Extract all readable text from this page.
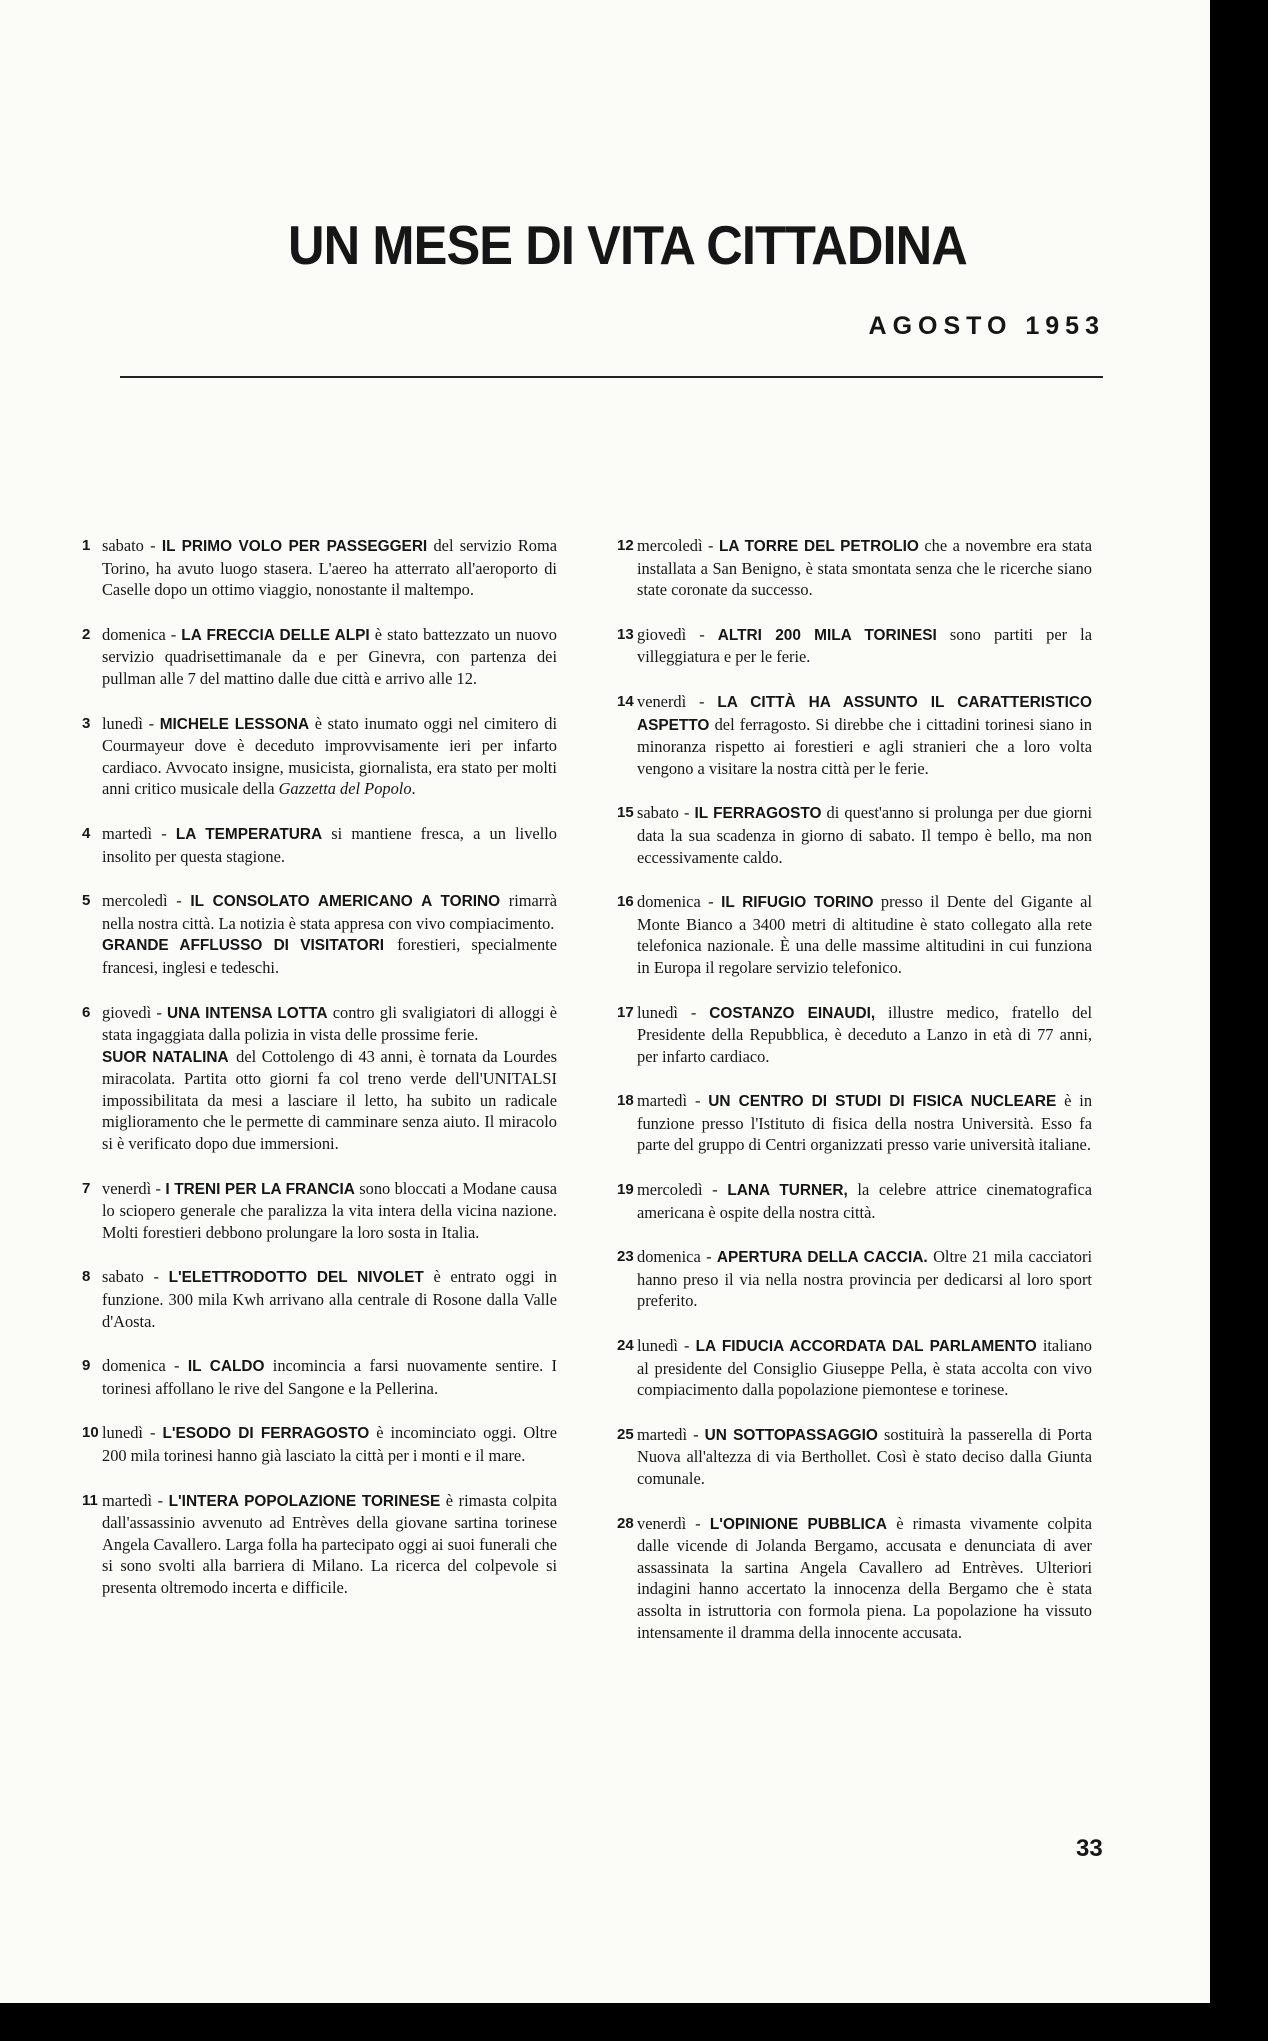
UN MESE DI VITA CITTADINA
AGOSTO 1953
1 sabato - IL PRIMO VOLO PER PASSEGGERI del servizio Roma Torino, ha avuto luogo stasera. L'aereo ha atterrato all'aeroporto di Caselle dopo un ottimo viaggio, nonostante il maltempo.

2 domenica - LA FRECCIA DELLE ALPI è stato battezzato un nuovo servizio quadrisettimanale da e per Ginevra, con partenza dei pullman alle 7 del mattino dalle due città e arrivo alle 12.

3 lunedì - MICHELE LESSONA è stato inumato oggi nel cimitero di Courmayeur dove è deceduto improvvisamente ieri per infarto cardiaco. Avvocato insigne, musicista, giornalista, era stato per molti anni critico musicale della Gazzetta del Popolo.

4 martedì - LA TEMPERATURA si mantiene fresca, a un livello insolito per questa stagione.

5 mercoledì - IL CONSOLATO AMERICANO A TORINO rimarrà nella nostra città. La notizia è stata appresa con vivo compiacimento.

GRANDE AFFLUSSO DI VISITATORI forestieri, specialmente francesi, inglesi e tedeschi.

6 giovedì - UNA INTENSA LOTTA contro gli svaligiatori di alloggi è stata ingaggiata dalla polizia in vista delle prossime ferie.

SUOR NATALINA del Cottolengo di 43 anni, è tornata da Lourdes miracolata. Partita otto giorni fa col treno verde dell'UNITALSI impossibilitata da mesi a lasciare il letto, ha subito un radicale miglioramento che le permette di camminare senza aiuto. Il miracolo si è verificato dopo due immersioni.

7 venerdì - I TRENI PER LA FRANCIA sono bloccati a Modane causa lo sciopero generale che paralizza la vita intera della vicina nazione. Molti forestieri debbono prolungare la loro sosta in Italia.

8 sabato - L'ELETTRODOTTO DEL NIVOLET è entrato oggi in funzione. 300 mila Kwh arrivano alla centrale di Rosone dalla Valle d'Aosta.

9 domenica - IL CALDO incomincia a farsi nuovamente sentire. I torinesi affollano le rive del Sangone e la Pellerina.

10 lunedì - L'ESODO DI FERRAGOSTO è incominciato oggi. Oltre 200 mila torinesi hanno già lasciato la città per i monti e il mare.

11 martedì - L'INTERA POPOLAZIONE TORINESE è rimasta colpita dall'assassinio avvenuto ad Entrèves della giovane sartina torinese Angela Cavallero. Larga folla ha partecipato oggi ai suoi funerali che si sono svolti alla barriera di Milano. La ricerca del colpevole si presenta oltremodo incerta e difficile.

12 mercoledì - LA TORRE DEL PETROLIO che a novembre era stata installata a San Benigno, è stata smontata senza che le ricerche siano state coronate da successo.

13 giovedì - ALTRI 200 MILA TORINESI sono partiti per la villeggiatura e per le ferie.

14 venerdì - LA CITTÀ HA ASSUNTO IL CARATTERISTICO ASPETTO del ferragosto. Si direbbe che i cittadini torinesi siano in minoranza rispetto ai forestieri e agli stranieri che a loro volta vengono a visitare la nostra città per le ferie.

15 sabato - IL FERRAGOSTO di quest'anno si prolunga per due giorni data la sua scadenza in giorno di sabato. Il tempo è bello, ma non eccessivamente caldo.

16 domenica - IL RIFUGIO TORINO presso il Dente del Gigante al Monte Bianco a 3400 metri di altitudine è stato collegato alla rete telefonica nazionale. È una delle massime altitudini in cui funziona in Europa il regolare servizio telefonico.

17 lunedì - COSTANZO EINAUDI, illustre medico, fratello del Presidente della Repubblica, è deceduto a Lanzo in età di 77 anni, per infarto cardiaco.

18 martedì - UN CENTRO DI STUDI DI FISICA NUCLEARE è in funzione presso l'Istituto di fisica della nostra Università. Esso fa parte del gruppo di Centri organizzati presso varie università italiane.

19 mercoledì - LANA TURNER, la celebre attrice cinematografica americana è ospite della nostra città.

23 domenica - APERTURA DELLA CACCIA. Oltre 21 mila cacciatori hanno preso il via nella nostra provincia per dedicarsi al loro sport preferito.

24 lunedì - LA FIDUCIA ACCORDATA DAL PARLAMENTO italiano al presidente del Consiglio Giuseppe Pella, è stata accolta con vivo compiacimento dalla popolazione piemontese e torinese.

25 martedì - UN SOTTOPASSAGGIO sostituirà la passerella di Porta Nuova all'altezza di via Berthollet. Così è stato deciso dalla Giunta comunale.

28 venerdì - L'OPINIONE PUBBLICA è rimasta vivamente colpita dalle vicende di Jolanda Bergamo, accusata e denunciata di aver assassinata la sartina Angela Cavallero ad Entrèves. Ulteriori indagini hanno accertato la innocenza della Bergamo che è stata assolta in istruttoria con formola piena. La popolazione ha vissuto intensamente il dramma della innocente accusata.

33
